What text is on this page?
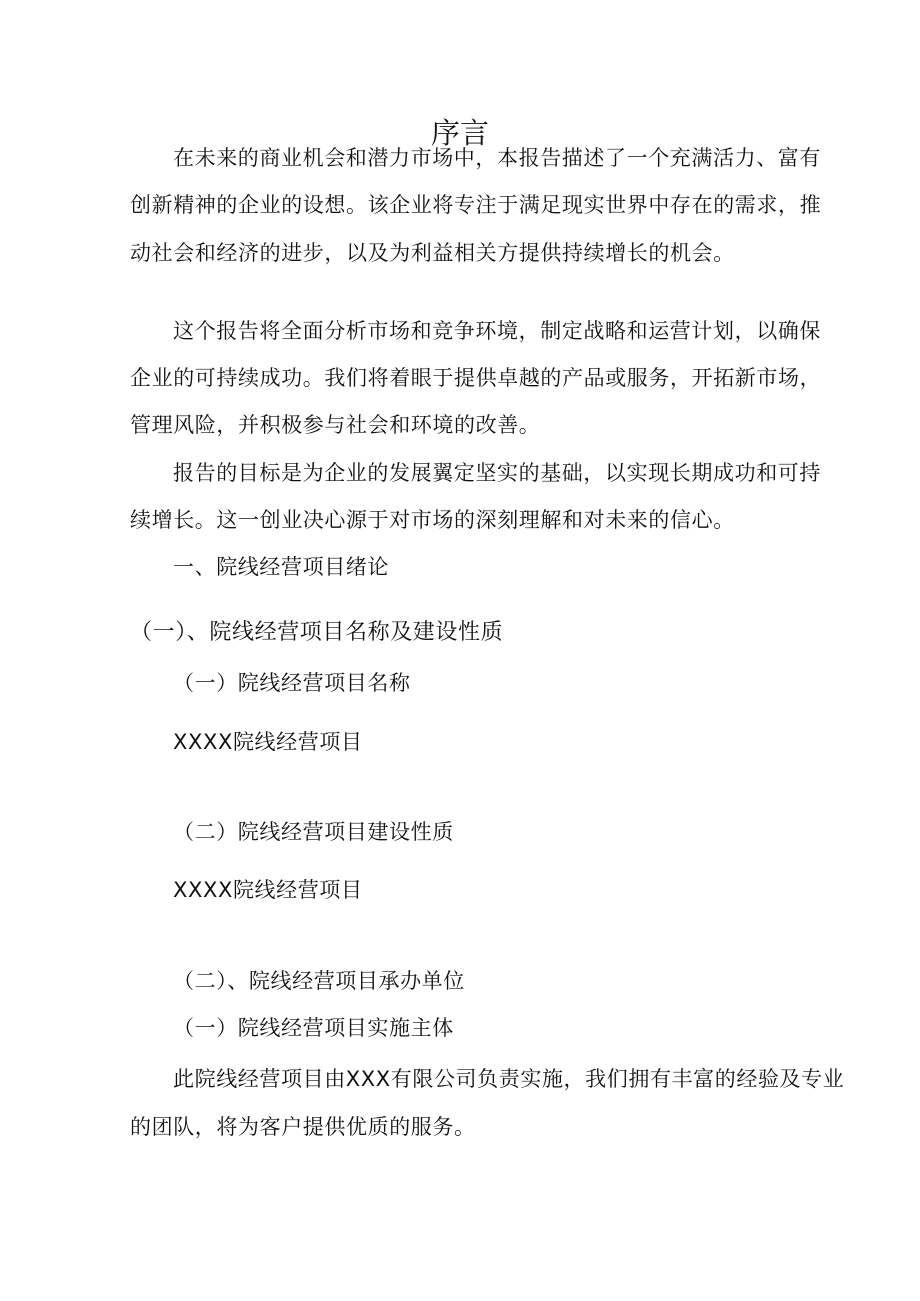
序言
在未来的商业机会和潜力市场中，本报告描述了一个充满活力、富有
创新精神的企业的设想。该企业将专注于满足现实世界中存在的需求，推
动社会和经济的进步，以及为利益相关方提供持续增长的机会。
这个报告将全面分析市场和竞争环境，制定战略和运营计划，以确保
企业的可持续成功。我们将着眼于提供卓越的产品或服务，开拓新市场，
管理风险，并积极参与社会和环境的改善。
报告的目标是为企业的发展翼定坚实的基础，以实现长期成功和可持
续增长。这一创业决心源于对市场的深刻理解和对未来的信心。
一、院线经营项目绪论
（一）、院线经营项目名称及建设性质
（一）院线经营项目名称
XXXX院线经营项目
（二）院线经营项目建设性质
XXXX院线经营项目
（二）、院线经营项目承办单位
（一）院线经营项目实施主体
此院线经营项目由XXX有限公司负责实施，我们拥有丰富的经验及专业
的团队，将为客户提供优质的服务。
